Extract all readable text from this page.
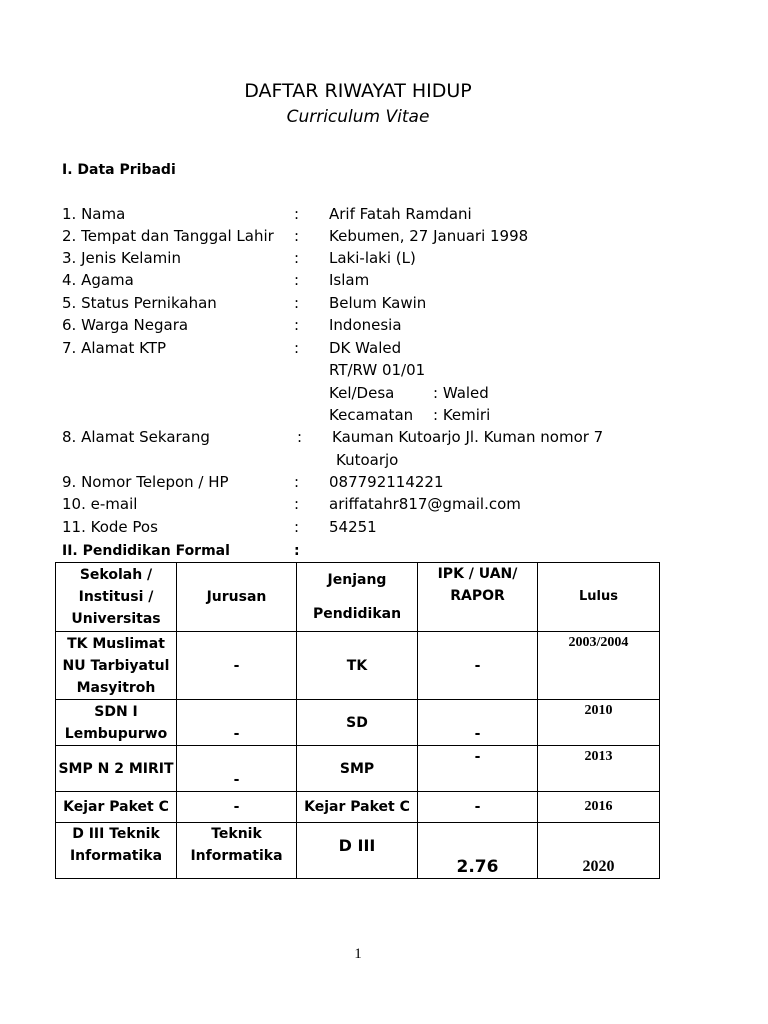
DAFTAR RIWAYAT HIDUP
Curriculum Vitae
I. Data Pribadi
1. Nama	: Arif Fatah Ramdani
2. Tempat dan Tanggal Lahir : Kebumen, 27 Januari 1998
3. Jenis Kelamin	: Laki-laki (L)
4. Agama	: Islam
5. Status Pernikahan	: Belum Kawin
6. Warga Negara	: Indonesia
7. Alamat KTP	: DK Waled
RT/RW 01/01
Kel/Desa	: Waled
Kecamatan : Kemiri
8. Alamat Sekarang	: Kauman Kutoarjo Jl. Kuman nomor 7
Kutoarjo
9. Nomor Telepon / HP	: 087792114221
10. e-mail	: ariffatahr817@gmail.com
11. Kode Pos	: 54251
II. Pendidikan Formal	:
Sekolah / Institusi / Universitas	Jurusan	Jenjang Pendidikan	IPK / UAN/ RAPOR	Lulus
TK Muslimat NU Tarbiyatul Masyitroh	-	TK	-	2003/2004
SDN I Lembupurwo	-	SD	-	2010
SMP N 2 MIRIT	-	SMP	-	2013
Kejar Paket C	-	Kejar Paket C	-	2016
D III Teknik Informatika	Teknik Informatika	D III	2.76	2020
1
